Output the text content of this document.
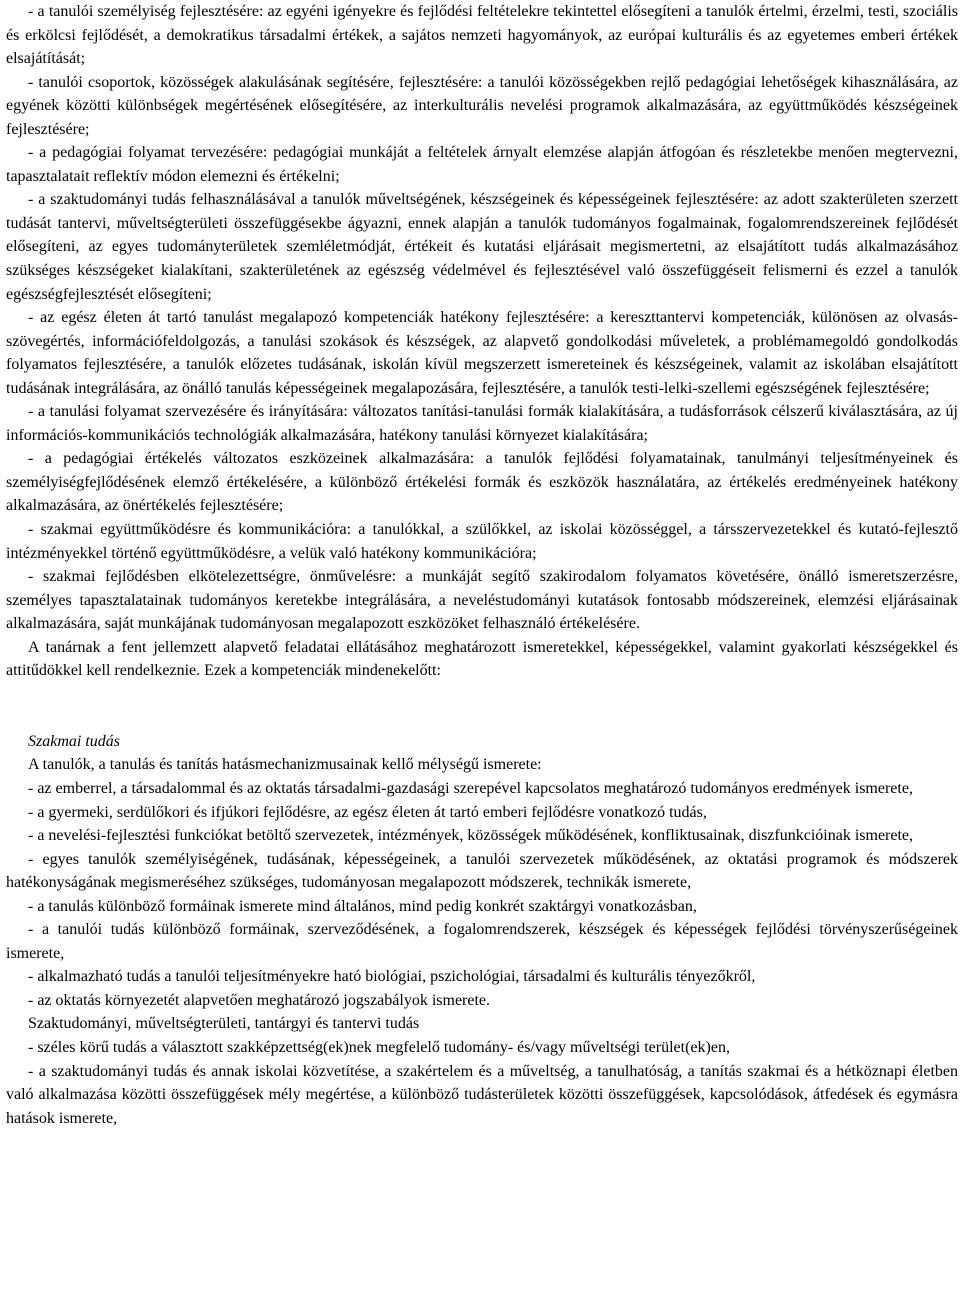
- a tanulói személyiség fejlesztésére: az egyéni igényekre és fejlődési feltételekre tekintettel elősegíteni a tanulók értelmi, érzelmi, testi, szociális és erkölcsi fejlődését, a demokratikus társadalmi értékek, a sajátos nemzeti hagyományok, az európai kulturális és az egyetemes emberi értékek elsajátítását;

- tanulói csoportok, közösségek alakulásának segítésére, fejlesztésére: a tanulói közösségekben rejlő pedagógiai lehetőségek kihasználására, az egyének közötti különbségek megértésének elősegítésére, az interkulturális nevelési programok alkalmazására, az együttműködés készségeinek fejlesztésére;

- a pedagógiai folyamat tervezésére: pedagógiai munkáját a feltételek árnyalt elemzése alapján átfogóan és részletekbe menően megtervezni, tapasztalatait reflektív módon elemezni és értékelni;

- a szaktudományi tudás felhasználásával a tanulók műveltségének, készségeinek és képességeinek fejlesztésére: az adott szakterületen szerzett tudását tantervi, műveltségterületi összefüggésekbe ágyazni, ennek alapján a tanulók tudományos fogalmainak, fogalomrendszereinek fejlődését elősegíteni, az egyes tudományterületek szemléletmódját, értékeit és kutatási eljárásait megismertetni, az elsajátított tudás alkalmazásához szükséges készségeket kialakítani, szakterületének az egészség védelmével és fejlesztésével való összefüggéseit felismerni és ezzel a tanulók egészségfejlesztését elősegíteni;

- az egész életen át tartó tanulást megalapozó kompetenciák hatékony fejlesztésére: a kereszttantervi kompetenciák, különösen az olvasás-szövegértés, információfeldolgozás, a tanulási szokások és készségek, az alapvető gondolkodási műveletek, a problémamegoldó gondolkodás folyamatos fejlesztésére, a tanulók előzetes tudásának, iskolán kívül megszerzett ismereteinek és készségeinek, valamit az iskolában elsajátított tudásának integrálására, az önálló tanulás képességeinek megalapozására, fejlesztésére, a tanulók testi-lelki-szellemi egészségének fejlesztésére;

- a tanulási folyamat szervezésére és irányítására: változatos tanítási-tanulási formák kialakítására, a tudásforrások célszerű kiválasztására, az új információs-kommunikációs technológiák alkalmazására, hatékony tanulási környezet kialakítására;

- a pedagógiai értékelés változatos eszközeinek alkalmazására: a tanulók fejlődési folyamatainak, tanulmányi teljesítményeinek és személyiségfejlődésének elemző értékelésére, a különböző értékelési formák és eszközök használatára, az értékelés eredményeinek hatékony alkalmazására, az önértékelés fejlesztésére;

- szakmai együttműködésre és kommunikációra: a tanulókkal, a szülőkkel, az iskolai közösséggel, a társszervezetekkel és kutató-fejlesztő intézményekkel történő együttműködésre, a velük való hatékony kommunikációra;

- szakmai fejlődésben elkötelezettségre, önművelésre: a munkáját segítő szakirodalom folyamatos követésére, önálló ismeretszerzésre, személyes tapasztalatainak tudományos keretekbe integrálására, a neveléstudományi kutatások fontosabb módszereinek, elemzési eljárásainak alkalmazására, saját munkájának tudományosan megalapozott eszközöket felhasználó értékelésére.

A tanárnak a fent jellemzett alapvető feladatai ellátásához meghatározott ismeretekkel, képességekkel, valamint gyakorlati készségekkel és attitűdökkel kell rendelkeznie. Ezek a kompetenciák mindenekelőtt:

Szakmai tudás

A tanulók, a tanulás és tanítás hatásmechanizmusainak kellő mélységű ismerete:

- az emberrel, a társadalommal és az oktatás társadalmi-gazdasági szerepével kapcsolatos meghatározó tudományos eredmények ismerete,

- a gyermeki, serdülőkori és ifjúkori fejlődésre, az egész életen át tartó emberi fejlődésre vonatkozó tudás,

- a nevelési-fejlesztési funkciókat betöltő szervezetek, intézmények, közösségek működésének, konfliktusainak, diszfunkcióinak ismerete,

- egyes tanulók személyiségének, tudásának, képességeinek, a tanulói szervezetek működésének, az oktatási programok és módszerek hatékonyságának megismeréséhez szükséges, tudományosan megalapozott módszerek, technikák ismerete,

- a tanulás különböző formáinak ismerete mind általános, mind pedig konkrét szaktárgyi vonatkozásban,

- a tanulói tudás különböző formáinak, szerveződésének, a fogalomrendszerek, készségek és képességek fejlődési törvényszerűségeinek ismerete,

- alkalmazható tudás a tanulói teljesítményekre ható biológiai, pszichológiai, társadalmi és kulturális tényezőkről,

- az oktatás környezetét alapvetően meghatározó jogszabályok ismerete.

Szaktudományi, műveltségterületi, tantárgyi és tantervi tudás

- széles körű tudás a választott szakképzettség(ek)nek megfelelő tudomány- és/vagy műveltségi terület(ek)en,

- a szaktudományi tudás és annak iskolai közvetítése, a szakértelem és a műveltség, a tanulhatóság, a tanítás szakmai és a hétköznapi életben való alkalmazása közötti összefüggések mély megértése, a különböző tudásterületek közötti összefüggések, kapcsolódások, átfedések és egymásra hatások ismerete,
